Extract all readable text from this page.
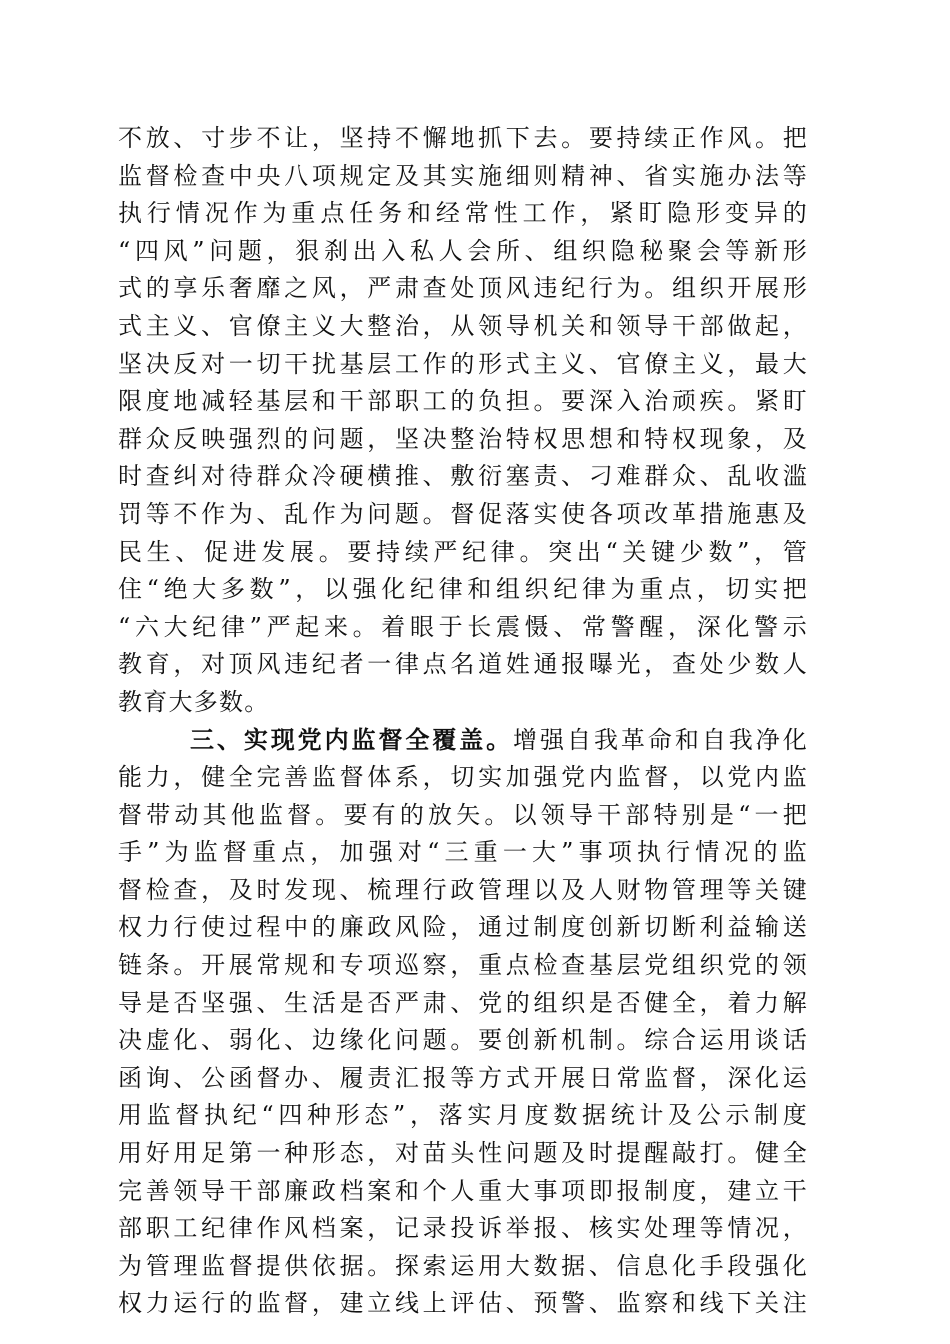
不放、寸步不让，坚持不懈地抓下去。要持续正作风。把
监督检查中央八项规定及其实施细则精神、省实施办法等
执行情况作为重点任务和经常性工作，紧盯隐形变异的
“四风”问题，狠刹出入私人会所、组织隐秘聚会等新形
式的享乐奢靡之风，严肃查处顶风违纪行为。组织开展形
式主义、官僚主义大整治，从领导机关和领导干部做起，
坚决反对一切干扰基层工作的形式主义、官僚主义，最大
限度地减轻基层和干部职工的负担。要深入治顽疾。紧盯
群众反映强烈的问题，坚决整治特权思想和特权现象，及
时查纠对待群众冷硬横推、敷衍塞责、刁难群众、乱收滥
罚等不作为、乱作为问题。督促落实使各项改革措施惠及
民生、促进发展。要持续严纪律。突出“关键少数”，管
住“绝大多数”，以强化纪律和组织纪律为重点，切实把
“六大纪律”严起来。着眼于长震慑、常警醒，深化警示
教育，对顶风违纪者一律点名道姓通报曝光，查处少数人
教育大多数。
三、实现党内监督全覆盖。增强自我革命和自我净化
能力，健全完善监督体系，切实加强党内监督，以党内监
督带动其他监督。要有的放矢。以领导干部特别是“一把
手”为监督重点，加强对“三重一大”事项执行情况的监
督检查，及时发现、梳理行政管理以及人财物管理等关键
权力行使过程中的廉政风险，通过制度创新切断利益输送
链条。开展常规和专项巡察，重点检查基层党组织党的领
导是否坚强、生活是否严肃、党的组织是否健全，着力解
决虚化、弱化、边缘化问题。要创新机制。综合运用谈话
函询、公函督办、履责汇报等方式开展日常监督，深化运
用监督执纪“四种形态”，落实月度数据统计及公示制度
用好用足第一种形态，对苗头性问题及时提醒敲打。健全
完善领导干部廉政档案和个人重大事项即报制度，建立干
部职工纪律作风档案，记录投诉举报、核实处理等情况，
为管理监督提供依据。探索运用大数据、信息化手段强化
权力运行的监督，建立线上评估、预警、监察和线下关注
